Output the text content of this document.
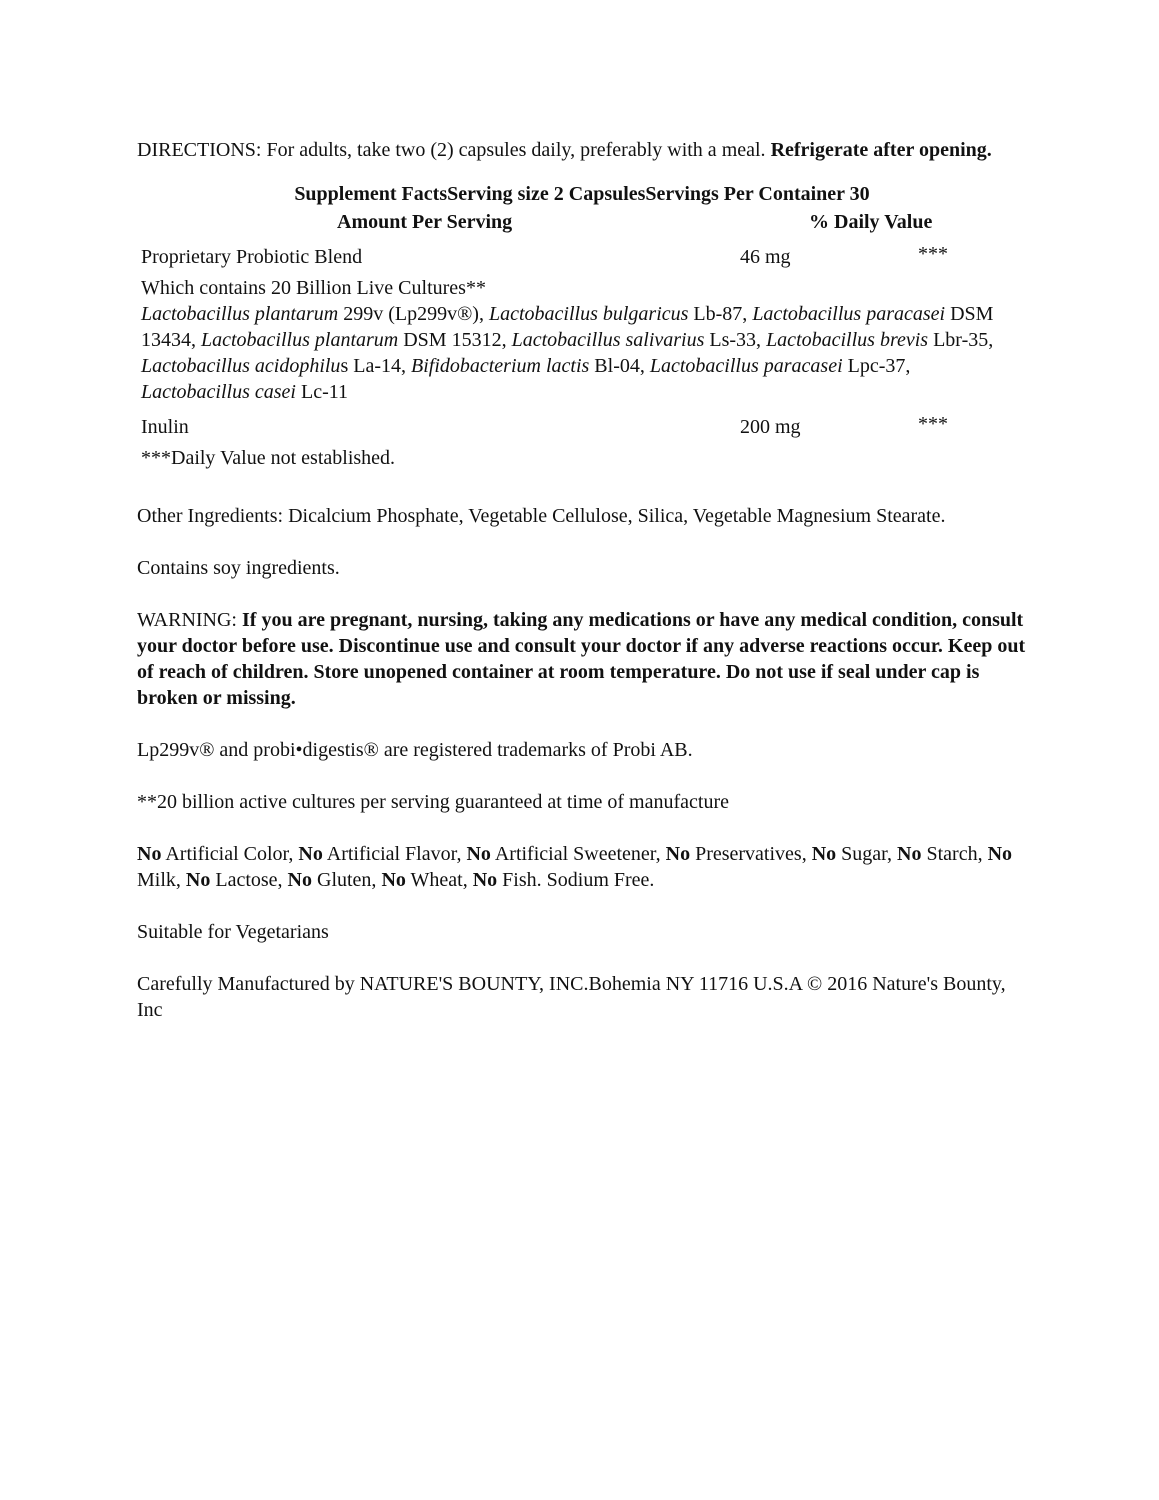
DIRECTIONS: For adults, take two (2) capsules daily, preferably with a meal. Refrigerate after opening.

Supplement FactsServing size 2 CapsulesServings Per Container 30
Amount Per Serving	% Daily Value
Proprietary Probiotic Blend	46 mg	***
Which contains 20 Billion Live Cultures**
Lactobacillus plantarum 299v (Lp299v®), Lactobacillus bulgaricus Lb-87, Lactobacillus paracasei DSM 13434, Lactobacillus plantarum DSM 15312, Lactobacillus salivarius Ls-33, Lactobacillus brevis Lbr-35, Lactobacillus acidophilus La-14, Bifidobacterium lactis Bl-04, Lactobacillus paracasei Lpc-37, Lactobacillus casei Lc-11
Inulin	200 mg	***
***Daily Value not established.

Other Ingredients: Dicalcium Phosphate, Vegetable Cellulose, Silica, Vegetable Magnesium Stearate.

Contains soy ingredients.

WARNING: If you are pregnant, nursing, taking any medications or have any medical condition, consult your doctor before use. Discontinue use and consult your doctor if any adverse reactions occur. Keep out of reach of children. Store unopened container at room temperature. Do not use if seal under cap is broken or missing.

Lp299v® and probi•digestis® are registered trademarks of Probi AB.

**20 billion active cultures per serving guaranteed at time of manufacture

No Artificial Color, No Artificial Flavor, No Artificial Sweetener, No Preservatives, No Sugar, No Starch, No Milk, No Lactose, No Gluten, No Wheat, No Fish. Sodium Free.

Suitable for Vegetarians

Carefully Manufactured by NATURE'S BOUNTY, INC.Bohemia NY 11716 U.S.A © 2016 Nature's Bounty, Inc
